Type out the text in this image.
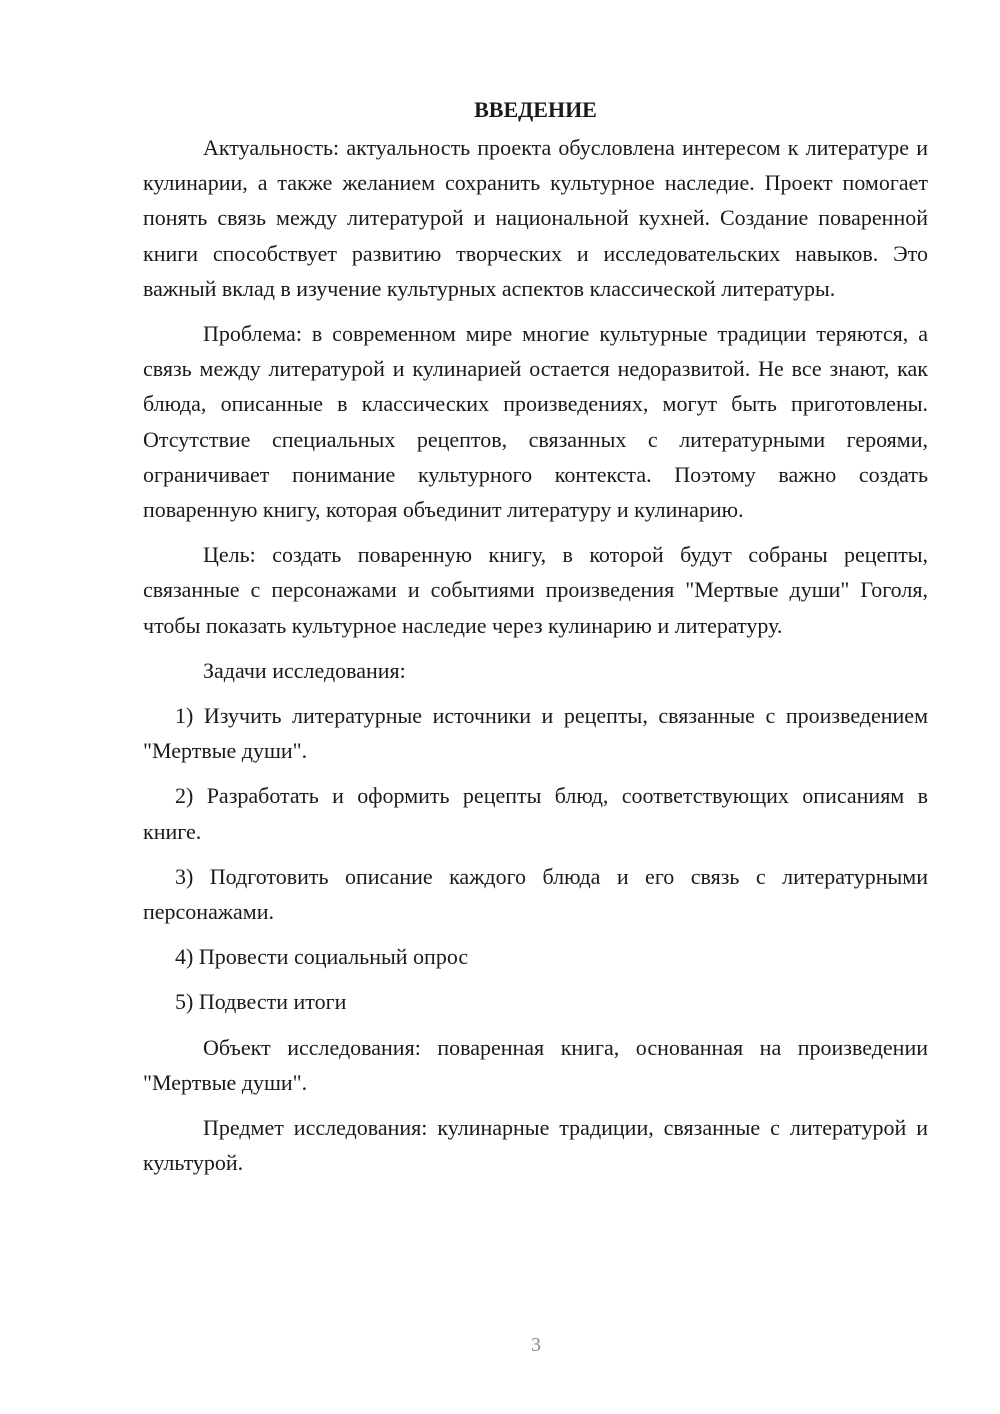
ВВЕДЕНИЕ

Актуальность: актуальность проекта обусловлена интересом к литературе и кулинарии, а также желанием сохранить культурное наследие. Проект помогает понять связь между литературой и национальной кухней. Создание поваренной книги способствует развитию творческих и исследовательских навыков. Это важный вклад в изучение культурных аспектов классической литературы.

Проблема: в современном мире многие культурные традиции теряются, а связь между литературой и кулинарией остается недоразвитой. Не все знают, как блюда, описанные в классических произведениях, могут быть приготовлены. Отсутствие специальных рецептов, связанных с литературными героями, ограничивает понимание культурного контекста. Поэтому важно создать поваренную книгу, которая объединит литературу и кулинарию.

Цель: создать поваренную книгу, в которой будут собраны рецепты, связанные с персонажами и событиями произведения "Мертвые души" Гоголя, чтобы показать культурное наследие через кулинарию и литературу.

Задачи исследования:

1) Изучить литературные источники и рецепты, связанные с произведением "Мертвые души".

2) Разработать и оформить рецепты блюд, соответствующих описаниям в книге.

3) Подготовить описание каждого блюда и его связь с литературными персонажами.

4) Провести социальный опрос

5) Подвести итоги

Объект исследования: поваренная книга, основанная на произведении "Мертвые души".

Предмет исследования: кулинарные традиции, связанные с литературой и культурой.

3
